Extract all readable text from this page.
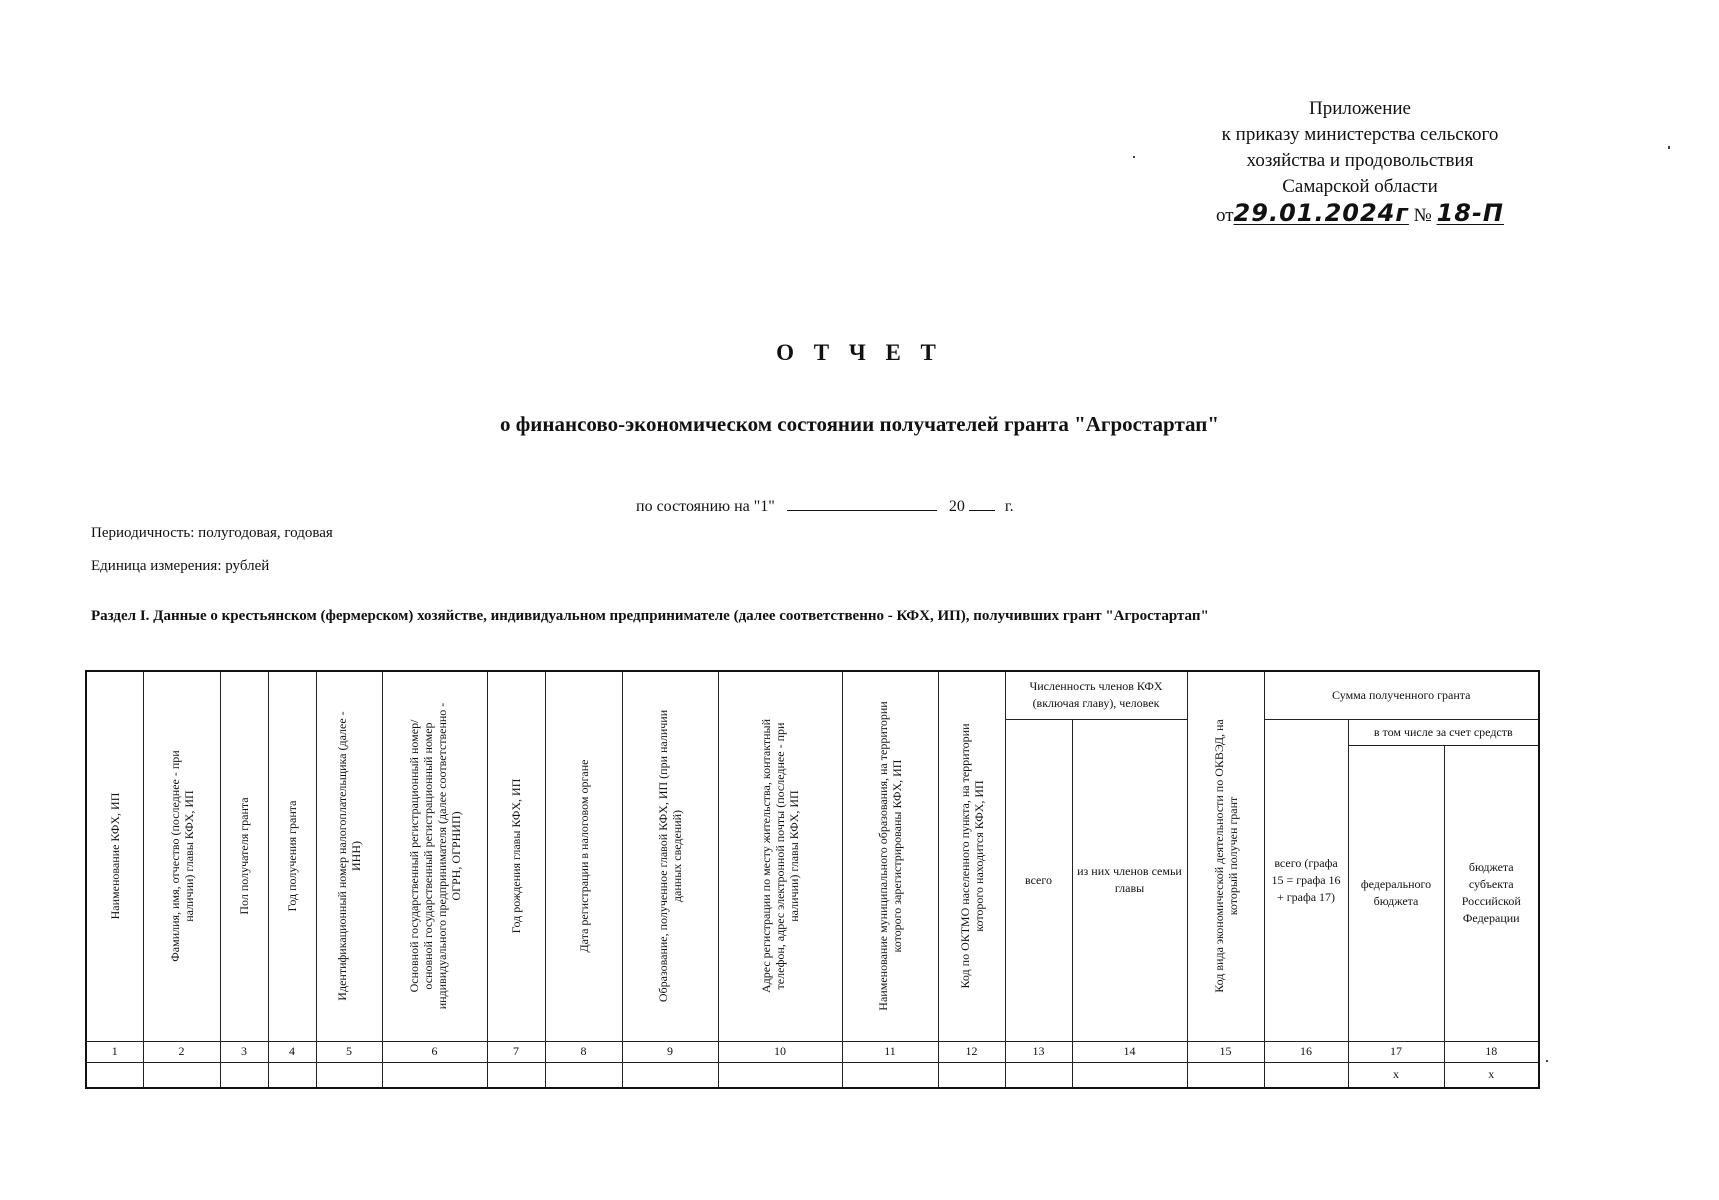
Приложение
к приказу министерства сельского
хозяйства и продовольствия
Самарской области
от29.01.2024г № 18-П
О Т Ч Е Т
о финансово-экономическом состоянии получателей гранта "Агростартап"
по состоянию на "1"	20	г.
Периодичность: полугодовая, годовая
Единица измерения: рублей
Раздел I. Данные о крестьянском (фермерском) хозяйстве, индивидуальном предпринимателе (далее соответственно - КФХ, ИП), получивших грант "Агростартап"
Наименование КФХ, ИП	Фамилия, имя, отчество (последнее - при наличии) главы КФХ, ИП	Пол получателя гранта	Год получения гранта	Идентификационный номер налогоплательщика (далее - ИНН)	Основной государственный регистрационный номер/основной государственный регистрационный номер индивидуального предпринимателя (далее соответственно - ОГРН, ОГРНИП)	Год рождения главы КФХ, ИП	Дата регистрации в налоговом органе	Образование, полученное главой КФХ, ИП (при наличии данных сведений)	Адрес регистрации по месту жительства, контактный телефон, адрес электронной почты (последнее - при наличии) главы КФХ, ИП	Наименование муниципального образования, на территории которого зарегистрированы КФХ, ИП	Код по ОКТМО населенного пункта, на территории которого находится КФХ, ИП	Численность членов КФХ (включая главу), человек		Код вида экономической деятельности по ОКВЭД, на который получен грант	Сумма полученного гранта		
												всего	из них членов семьи главы		всего (графа 15 = графа 16 + графа 17)	в том числе за счет средств	
																федерального бюджета	бюджета субъекта Российской Федерации
1	2	3	4	5	6	7	8	9	10	11	12	13	14	15	16	17	18
																x	x
